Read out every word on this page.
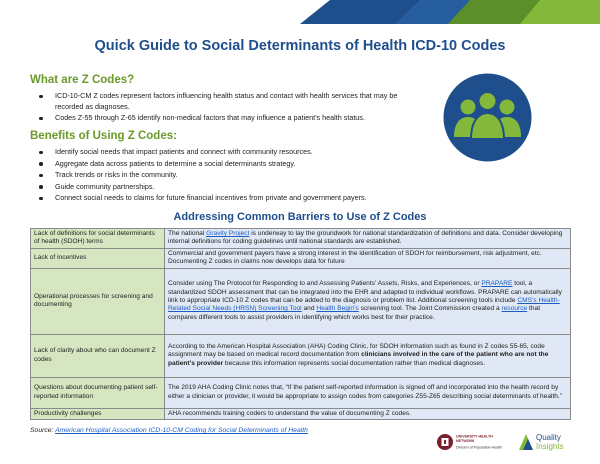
Quick Guide to Social Determinants of Health ICD-10 Codes
What are Z Codes?
ICD-10-CM Z codes represent factors influencing health status and contact with health services that may be recorded as diagnoses.
Codes Z-55 through Z-65 identify non-medical factors that may influence a patient’s health status.
Benefits of Using Z Codes:
Identify social needs that impact patients and connect with community resources.
Aggregate data across patients to determine a social determinants strategy.
Track trends or risks in the community.
Guide community partnerships.
Connect social needs to claims for future financial incentives from private and government payers.
Addressing Common Barriers to Use of Z Codes
Lack of definitions for social determinants of health (SDOH) terms	The national Gravity Project is underway to lay the groundwork for national standardization of definitions and data. Consider developing internal definitions for coding guidelines until national standards are established.
Lack of incentives	Commercial and government payers have a strong interest in the identification of SDOH for reimbursement, risk adjustment, etc. Documenting Z codes in claims now develops data for future
Operational processes for screening and documenting	Consider using The Protocol for Responding to and Assessing Patients’ Assets, Risks, and Experiences, or PRAPARE tool, a standardized SDOH assessment that can be integrated into the EHR and adapted to individual workflows. PRAPARE can automatically link to appropriate ICD-10 Z codes that can be added to the diagnosis or problem list. Additional screening tools include CMS’s Health-Related Social Needs (HRSN) Screening Tool and Health Begin’s screening tool. The Joint Commission created a resource that compares different tools to assist providers in identifying which works best for their practice.
Lack of clarity about who can document Z codes	According to the American Hospital Association (AHA) Coding Clinic, for SDOH information such as found in Z codes 55-65, code assignment may be based on medical record documentation from clinicians involved in the care of the patient who are not the patient’s provider because this information represents social documentation rather than medical diagnoses.
Questions about documenting patient self-reported information	The 2019 AHA Coding Clinic notes that, “If the patient self-reported information is signed off and incorporated into the health record by either a clinician or provider, it would be appropriate to assign codes from categories Z55-Z65 describing social determinants of health.”
Productivity challenges	AHA recommends training coders to understand the value of documenting Z codes.
Source: American Hospital Association ICD-10-CM Coding for Social Determinants of Health
UNIVERSITY HEALTH
NETWORK
Division of Population Health
Quality
Insights
